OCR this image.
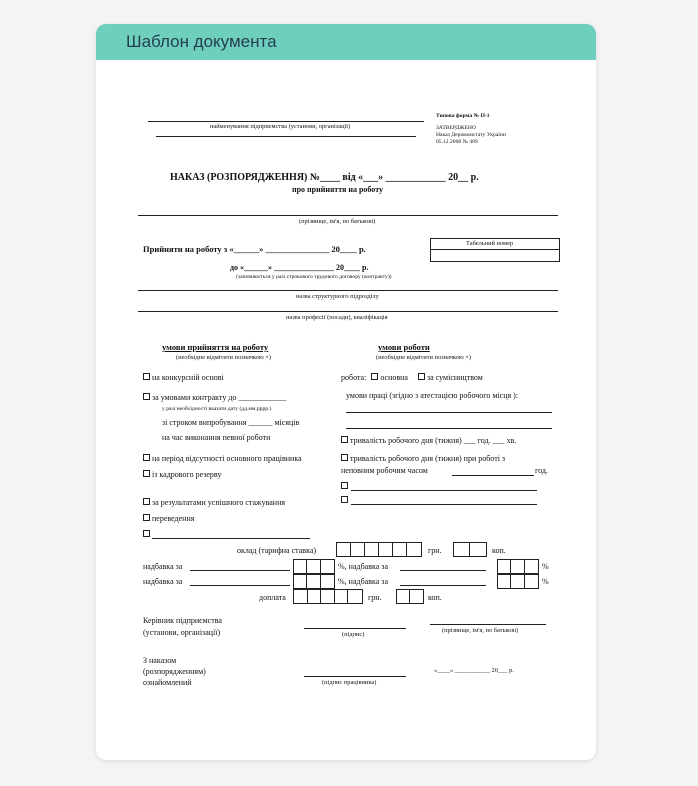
Шаблон документа
найменування підприємства (установи, організації)
Типова форма № П-1
ЗАТВЕРДЖЕНО
Наказ Держкомстату України
05.12.2008 № 489
НАКАЗ (РОЗПОРЯДЖЕННЯ) №____ від «___» ____________ 20__ р.
про прийняття на роботу
(прізвище, ім'я, по батькові)
Прийняти на роботу з «______» _______________ 20____ р.
Табельний номер
до «______» _______________ 20____ р.
(заповнюється у разі строкового трудового договору (контракту))
назва структурного підрозділу
назва професії (посади), кваліфікація
умови прийняття на роботу
(необхідне відмітити позначкою ×)
умови роботи
(необхідне відмітити позначкою ×)
на конкурсній основі
за умовами контракту до ____________
у разі необхідності вказати дату (дд.мм.рррр.)
зі строком випробування ______ місяців
на час виконання певної роботи
на період відсутності основного працівника
із кадрового резерву
за результатами успішного стажування
переведення
робота: основна за сумісництвом
умови праці (згідно з атестацією робочого місця ):
тривалість робочого дня (тижня) ___ год. ___ хв.
тривалість робочого дня (тижня) при роботі з
неповним робочим часом	год.
оклад (тарифна ставка)	грн.	коп.
надбавка за	%, надбавка за	%
надбавка за	%, надбавка за	%
доплата	грн.	коп.
Керівник підприємства
(установи, організації)	(підпис)
(прізвище, ім'я, по батькові)
З наказом
(розпорядженням)
ознайомлений	(підпис працівника)
«____» ___________ 20___ р.
